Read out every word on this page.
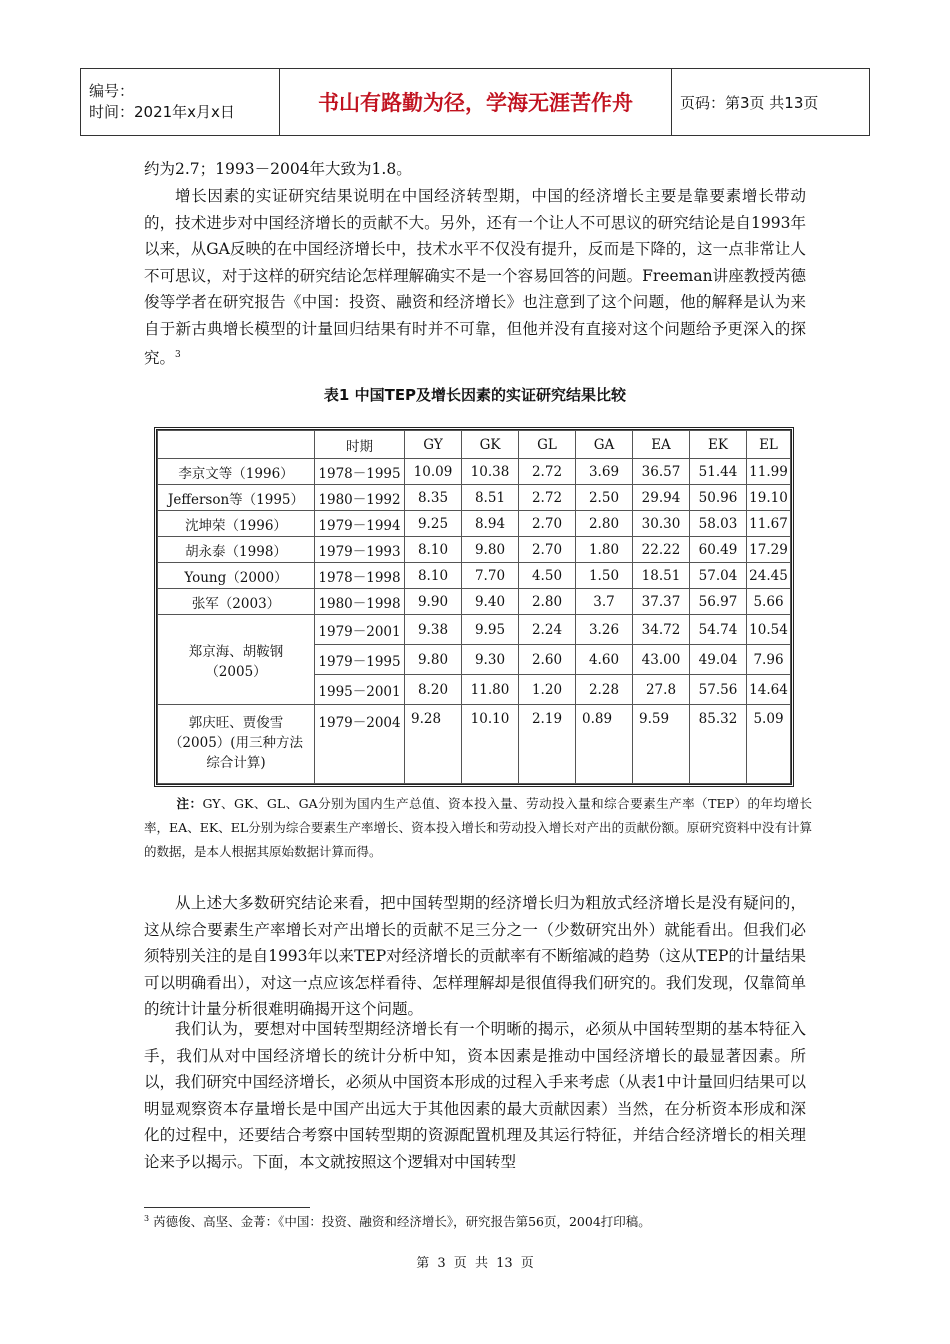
编号：
时间：2021年x月x日	书山有路勤为径，学海无涯苦作舟	页码：第3页 共13页

约为2.7；1993－2004年大致为1.8。

增长因素的实证研究结果说明在中国经济转型期，中国的经济增长主要是靠要素增长带动的，技术进步对中国经济增长的贡献不大。另外，还有一个让人不可思议的研究结论是自1993年以来，从GA反映的在中国经济增长中，技术水平不仅没有提升，反而是下降的，这一点非常让人不可思议，对于这样的研究结论怎样理解确实不是一个容易回答的问题。Freeman讲座教授芮德俊等学者在研究报告《中国：投资、融资和经济增长》也注意到了这个问题，他的解释是认为来自于新古典增长模型的计量回归结果有时并不可靠，但他并没有直接对这个问题给予更深入的探究。$^3$

表1 中国TEP及增长因素的实证研究结果比较
	时期	GY	GK	GL	GA	EA	EK	EL
李京文等（1996）	1978－1995	10.09	10.38	2.72	3.69	36.57	51.44	11.99
Jefferson等（1995）	1980－1992	8.35	8.51	2.72	2.50	29.94	50.96	19.10
沈坤荣（1996）	1979－1994	9.25	8.94	2.70	2.80	30.30	58.03	11.67
胡永泰（1998）	1979－1993	8.10	9.80	2.70	1.80	22.22	60.49	17.29
Young（2000）	1978－1998	8.10	7.70	4.50	1.50	18.51	57.04	24.45
张军（2003）	1980－1998	9.90	9.40	2.80	3.7	37.37	56.97	5.66

郑京海、胡鞍钢
（2005）	1979－2001	9.38	9.95	2.24	3.26	34.72	54.74	10.54
	1979－1995	9.80	9.30	2.60	4.60	43.00	49.04	7.96
	1995－2001	8.20	11.80	1.20	2.28	27.8	57.56	14.64

郭庆旺、贾俊雪
（2005）(用三种方法
综合计算)	1979－2004	9.28	10.10	2.19	0.89	9.59	85.32	5.09

注：GY、GK、GL、GA分别为国内生产总值、资本投入量、劳动投入量和综合要素生产率（TEP）的年均增长率，EA、EK、EL分别为综合要素生产率增长、资本投入增长和劳动投入增长对产出的贡献份额。原研究资料中没有计算的数据，是本人根据其原始数据计算而得。

从上述大多数研究结论来看，把中国转型期的经济增长归为粗放式经济增长是没有疑问的，这从综合要素生产率增长对产出增长的贡献不足三分之一（少数研究出外）就能看出。但我们必须特别关注的是自1993年以来TEP对经济增长的贡献率有不断缩减的趋势（这从TEP的计量结果可以明确看出），对这一点应该怎样看待、怎样理解却是很值得我们研究的。我们发现，仅靠简单的统计计量分析很难明确揭开这个问题。

我们认为，要想对中国转型期经济增长有一个明晰的揭示，必须从中国转型期的基本特征入手，我们从对中国经济增长的统计分析中知，资本因素是推动中国经济增长的最显著因素。所以，我们研究中国经济增长，必须从中国资本形成的过程入手来考虑（从表1中计量回归结果可以明显观察资本存量增长是中国产出远大于其他因素的最大贡献因素）当然，在分析资本形成和深化的过程中，还要结合考察中国转型期的资源配置机理及其运行特征，并结合经济增长的相关理论来予以揭示。下面，本文就按照这个逻辑对中国转型

$^3$ 芮德俊、高坚、金菁：《中国：投资、融资和经济增长》，研究报告第56页，2004打印稿。

第 3 页 共 13 页
